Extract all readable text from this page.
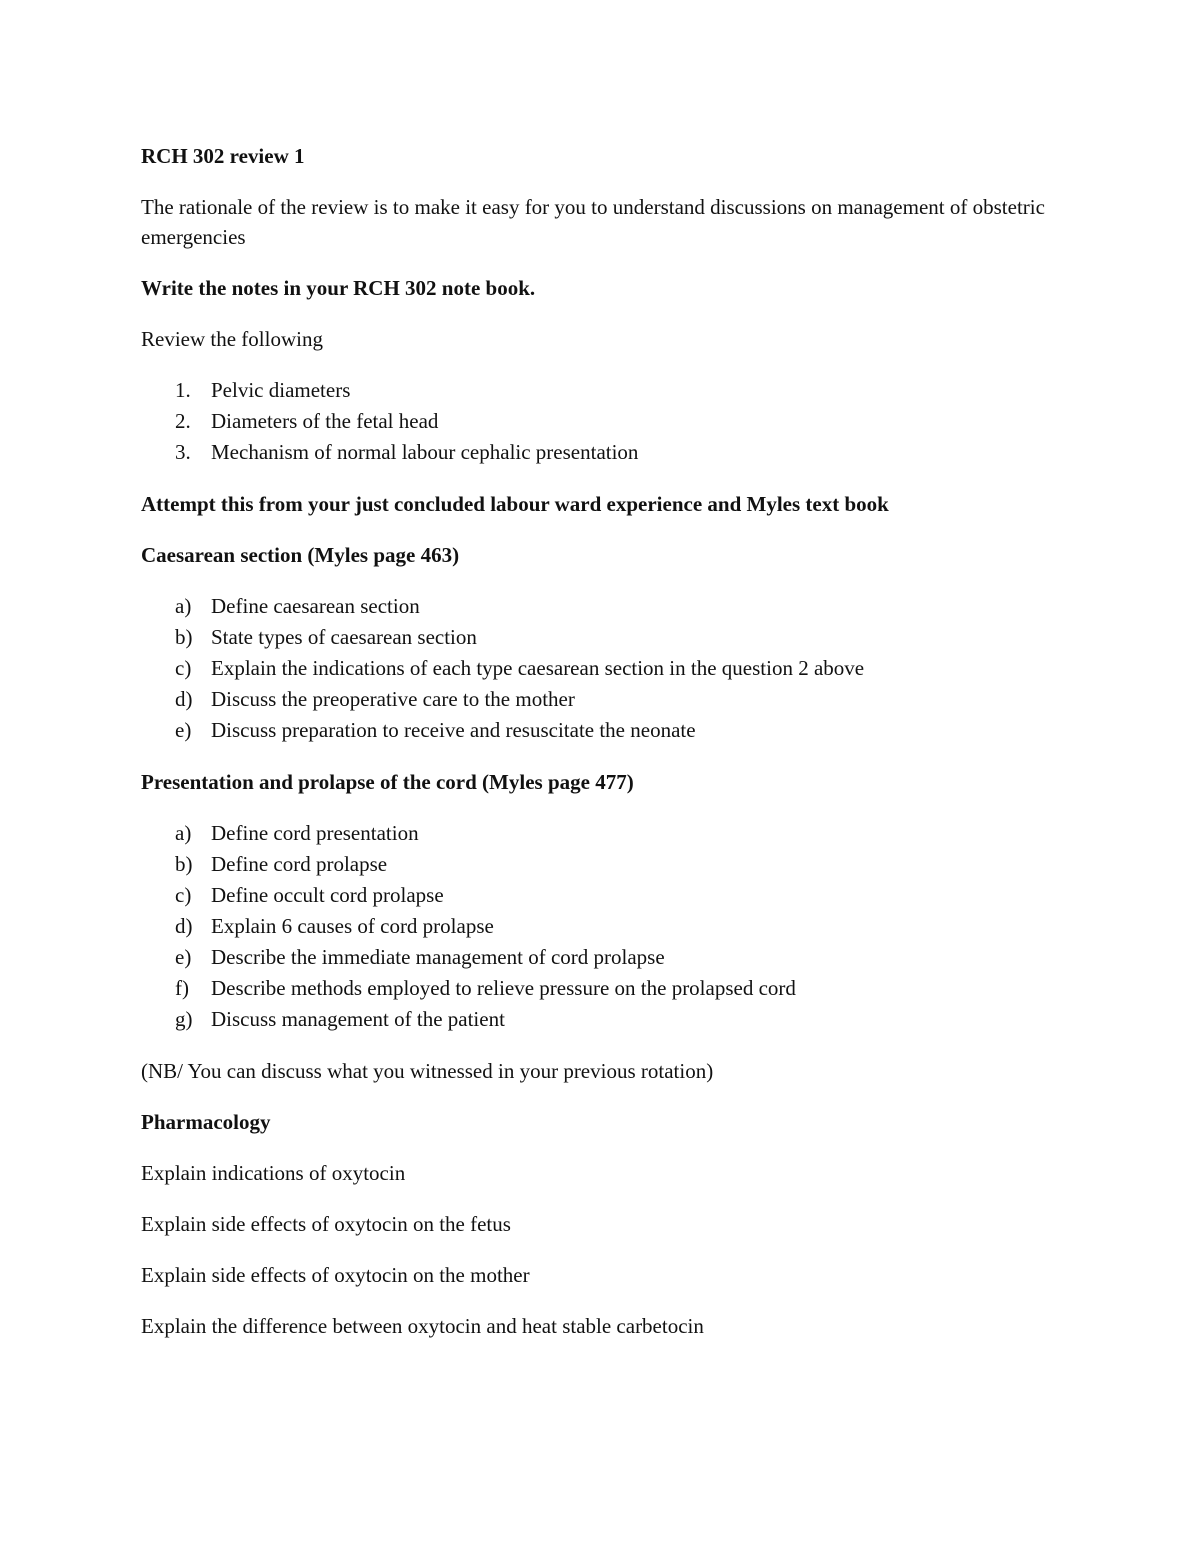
RCH 302 review 1

The rationale of the review is to make it easy for you to understand discussions on management of obstetric emergencies

Write the notes in your RCH 302 note book.

Review the following

1. Pelvic diameters
2. Diameters of the fetal head
3. Mechanism of normal labour cephalic presentation

Attempt this from your just concluded labour ward experience and Myles text book

Caesarean section (Myles page 463)

a) Define caesarean section
b) State types of caesarean section
c) Explain the indications of each type caesarean section in the question 2 above
d) Discuss the preoperative care to the mother
e) Discuss preparation to receive and resuscitate the neonate

Presentation and prolapse of the cord (Myles page 477)

a) Define cord presentation
b) Define cord prolapse
c) Define occult cord prolapse
d) Explain 6 causes of cord prolapse
e) Describe the immediate management of cord prolapse
f)	Describe methods employed to relieve pressure on the prolapsed cord
g) Discuss management of the patient

(NB/ You can discuss what you witnessed in your previous rotation)

Pharmacology

Explain indications of oxytocin

Explain side effects of oxytocin on the fetus

Explain side effects of oxytocin on the mother

Explain the difference between oxytocin and heat stable carbetocin
